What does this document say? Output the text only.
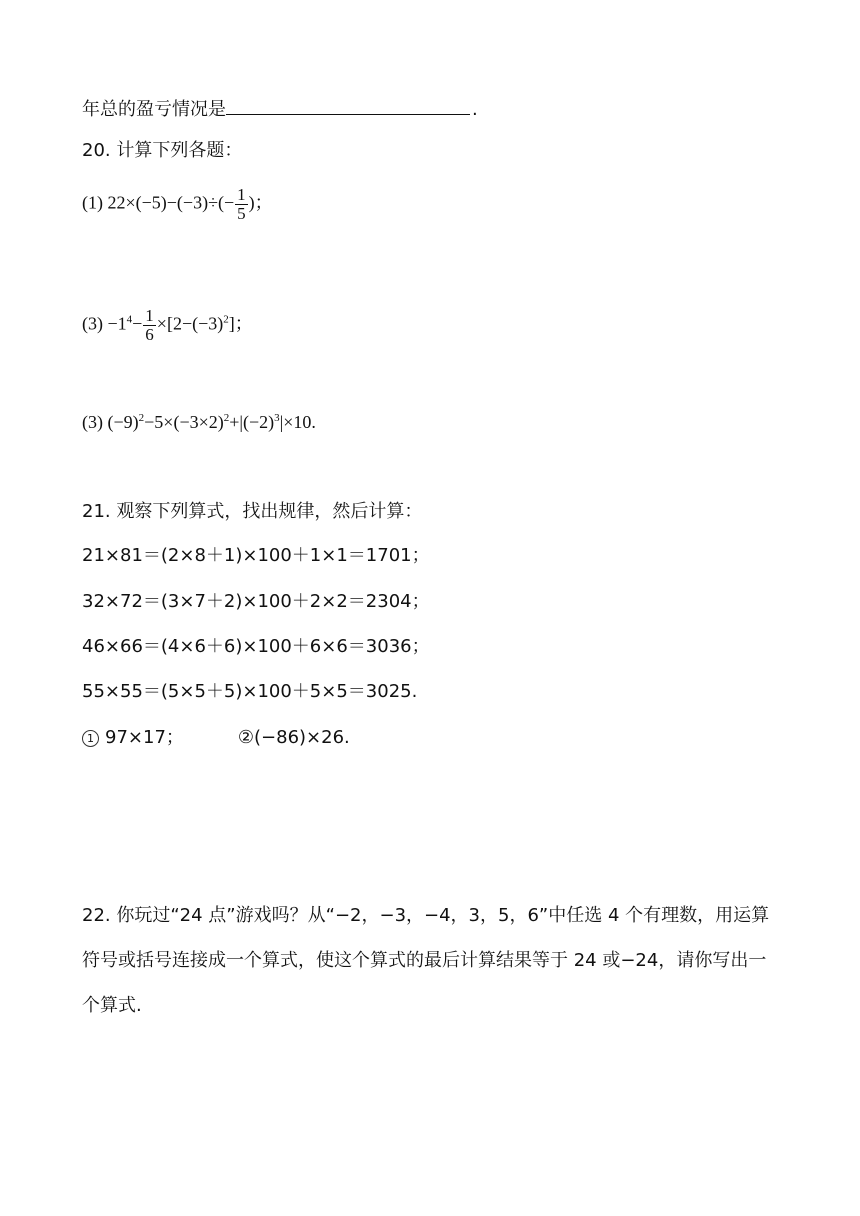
年总的盈亏情况是	.
20. 计算下列各题：
(1) $22\times(-5)-(-3)\div(- \frac{1}{5}$ )；
$(3) -1^4- \frac{1}{6} \times[2-(-3)^2]$；
(3) $(-9)^2-5\times(-3\times 2)^2+|(-2)^3|\times 10$.
21. 观察下列算式，找出规律，然后计算：
21×81＝(2×8＋1)×100＋1×1＝1701；
32×72＝(3×7＋2)×100＋2×2＝2304；
46×66＝(4×6＋6)×100＋6×6＝3036；
55×55＝(5×5＋5)×100＋5×5＝3025.
1 97×17；	②(−86)×26.
22. 你玩过“24 点”游戏吗？从“−2，−3，−4，3，5，6”中任选 4 个有理数，用运算符号或括号连接成一个算式，使这个算式的最后计算结果等于 24 或−24，请你写出一个算式.
